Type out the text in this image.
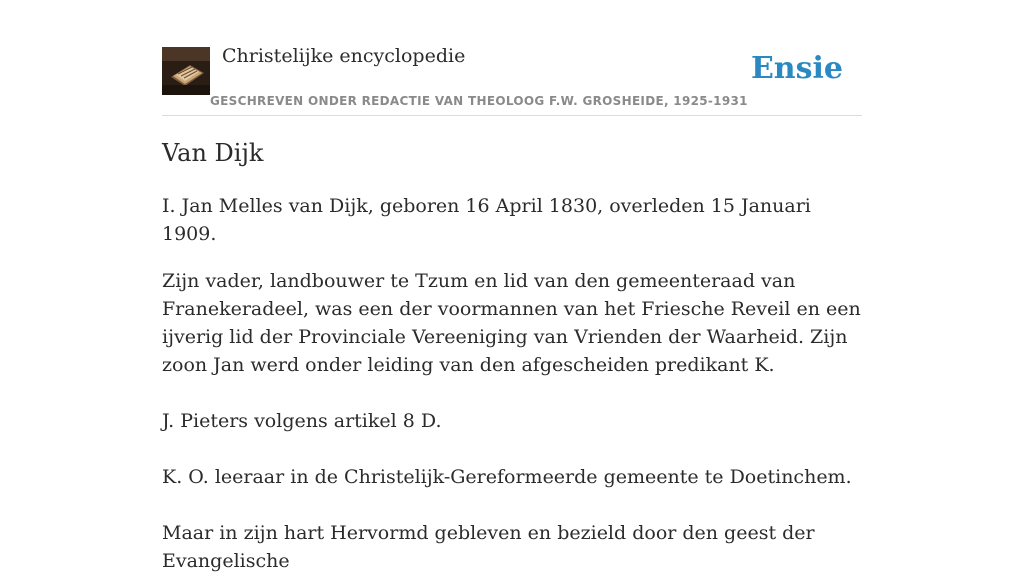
Christelijke encyclopedie
GESCHREVEN ONDER REDACTIE VAN THEOLOOG F.W. GROSHEIDE, 1925-1931
Ensie
Van Dijk

I. Jan Melles van Dijk, geboren 16 April 1830, overleden 15 Januari 1909.

Zijn vader, landbouwer te Tzum en lid van den gemeenteraad van Franekeradeel, was een der voormannen van het Friesche Reveil en een ijverig lid der Provinciale Vereeniging van Vrienden der Waarheid. Zijn zoon Jan werd onder leiding van den afgescheiden predikant K.

J. Pieters volgens artikel 8 D.

K. O. leeraar in de Christelijk-Gereformeerde gemeente te Doetinchem.

Maar in zijn hart Hervormd gebleven en bezield door den geest der Evangelische
